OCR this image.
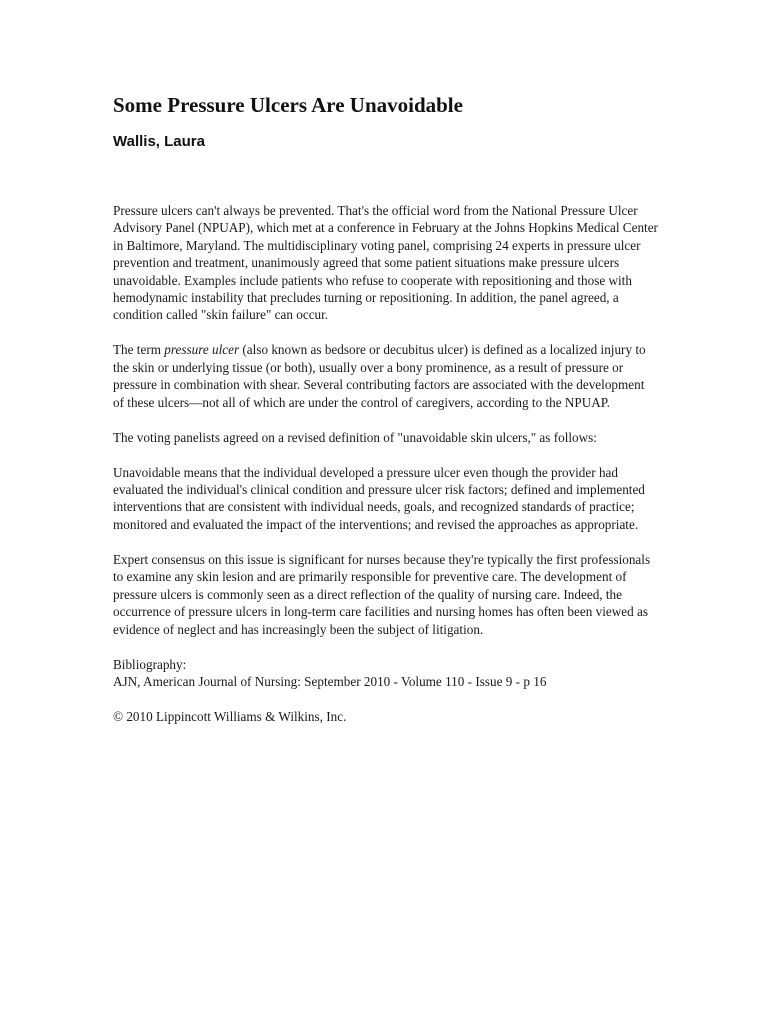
Some Pressure Ulcers Are Unavoidable
Wallis, Laura

Pressure ulcers can't always be prevented. That's the official word from the National Pressure Ulcer Advisory Panel (NPUAP), which met at a conference in February at the Johns Hopkins Medical Center in Baltimore, Maryland. The multidisciplinary voting panel, comprising 24 experts in pressure ulcer prevention and treatment, unanimously agreed that some patient situations make pressure ulcers unavoidable. Examples include patients who refuse to cooperate with repositioning and those with hemodynamic instability that precludes turning or repositioning. In addition, the panel agreed, a condition called "skin failure" can occur.

The term pressure ulcer (also known as bedsore or decubitus ulcer) is defined as a localized injury to the skin or underlying tissue (or both), usually over a bony prominence, as a result of pressure or pressure in combination with shear. Several contributing factors are associated with the development of these ulcers—not all of which are under the control of caregivers, according to the NPUAP.

The voting panelists agreed on a revised definition of "unavoidable skin ulcers," as follows:

Unavoidable means that the individual developed a pressure ulcer even though the provider had evaluated the individual's clinical condition and pressure ulcer risk factors; defined and implemented interventions that are consistent with individual needs, goals, and recognized standards of practice; monitored and evaluated the impact of the interventions; and revised the approaches as appropriate.

Expert consensus on this issue is significant for nurses because they're typically the first professionals to examine any skin lesion and are primarily responsible for preventive care. The development of pressure ulcers is commonly seen as a direct reflection of the quality of nursing care. Indeed, the occurrence of pressure ulcers in long-term care facilities and nursing homes has often been viewed as evidence of neglect and has increasingly been the subject of litigation.

Bibliography:
AJN, American Journal of Nursing: September 2010 - Volume 110 - Issue 9 - p 16

© 2010 Lippincott Williams & Wilkins, Inc.
